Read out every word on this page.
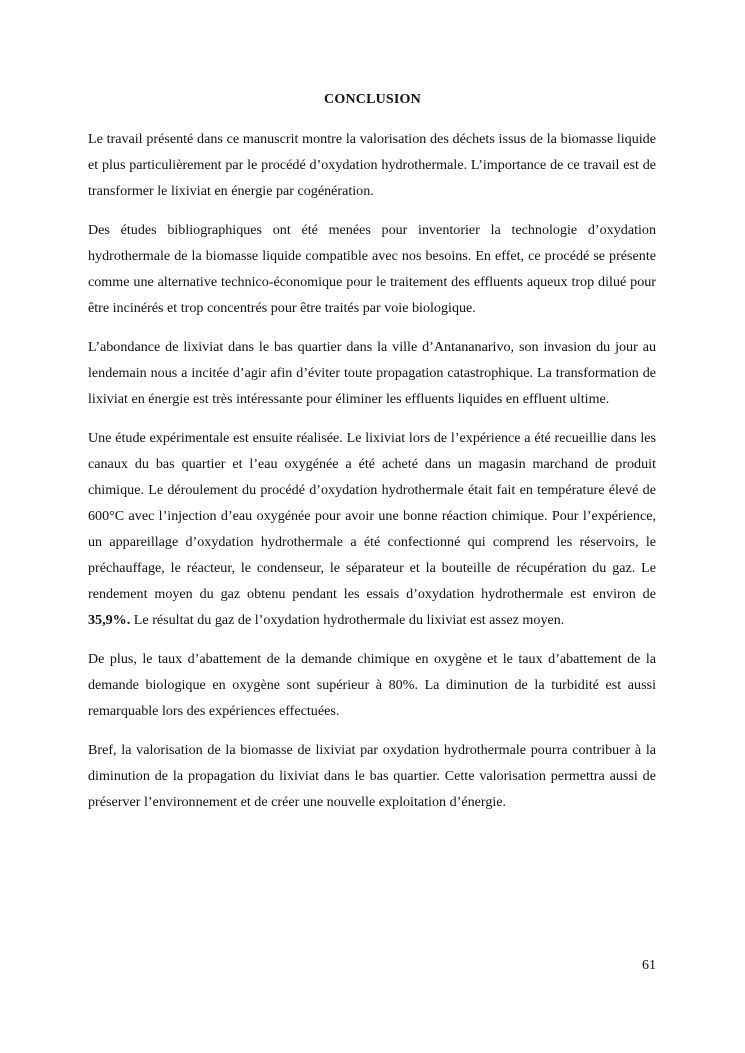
CONCLUSION

Le travail présenté dans ce manuscrit montre la valorisation des déchets issus de la biomasse liquide et plus particulièrement par le procédé d’oxydation hydrothermale. L’importance de ce travail est de transformer le lixiviat en énergie par cogénération.

Des études bibliographiques ont été menées pour inventorier la technologie d’oxydation hydrothermale de la biomasse liquide compatible avec nos besoins. En effet, ce procédé se présente comme une alternative technico-économique pour le traitement des effluents aqueux trop dilué pour être incinérés et trop concentrés pour être traités par voie biologique.

L’abondance de lixiviat dans le bas quartier dans la ville d’Antananarivo, son invasion du jour au lendemain nous a incitée d’agir afin d’éviter toute propagation catastrophique. La transformation de lixiviat en énergie est très intéressante pour éliminer les effluents liquides en effluent ultime.

Une étude expérimentale est ensuite réalisée. Le lixiviat lors de l’expérience a été recueillie dans les canaux du bas quartier et l’eau oxygénée a été acheté dans un magasin marchand de produit chimique. Le déroulement du procédé d’oxydation hydrothermale était fait en température élevé de 600°C avec l’injection d’eau oxygénée pour avoir une bonne réaction chimique. Pour l’expérience, un appareillage d’oxydation hydrothermale a été confectionné qui comprend les réservoirs, le préchauffage, le réacteur, le condenseur, le séparateur et la bouteille de récupération du gaz. Le rendement moyen du gaz obtenu pendant les essais d’oxydation hydrothermale est environ de 35,9%. Le résultat du gaz de l’oxydation hydrothermale du lixiviat est assez moyen.

De plus, le taux d’abattement de la demande chimique en oxygène et le taux d’abattement de la demande biologique en oxygène sont supérieur à 80%. La diminution de la turbidité est aussi remarquable lors des expériences effectuées.

Bref, la valorisation de la biomasse de lixiviat par oxydation hydrothermale pourra contribuer à la diminution de la propagation du lixiviat dans le bas quartier. Cette valorisation permettra aussi de préserver l’environnement et de créer une nouvelle exploitation d’énergie.

61
